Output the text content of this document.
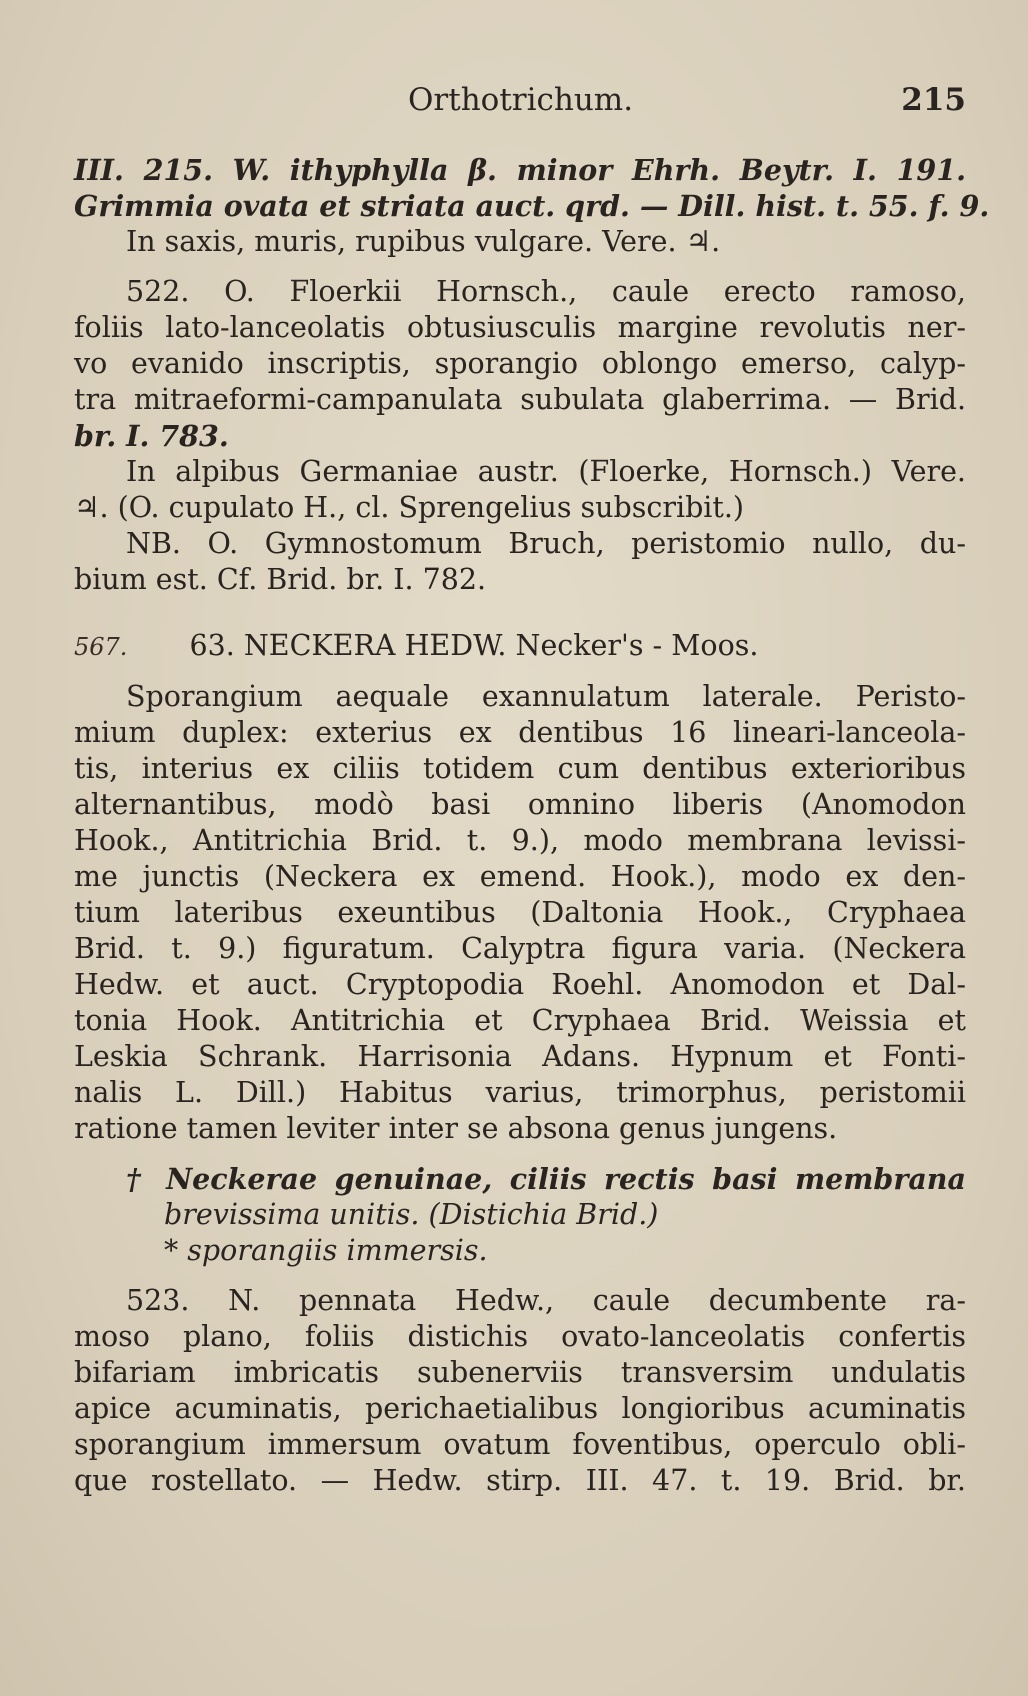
Orthotrichum.	215
III. 215. W. ithyphylla β. minor Ehrh. Beytr. I. 191.
Grimmia ovata et striata auct. qrd. — Dill. hist. t. 55. f. 9.
In saxis, muris, rupibus vulgare. Vere. ♃.
522. O. Floerkii Hornsch., caule erecto ramoso,
foliis lato-lanceolatis obtusiusculis margine revolutis ner-
vo evanido inscriptis, sporangio oblongo emerso, calyp-
tra mitraeformi-campanulata subulata glaberrima. — Brid.
br. I. 783.
In alpibus Germaniae austr. (Floerke, Hornsch.) Vere.
♃. (O. cupulato H., cl. Sprengelius subscribit.)
NB. O. Gymnostomum Bruch, peristomio nullo, du-
bium est. Cf. Brid. br. I. 782.
567. 63. NECKERA HEDW. Necker's - Moos.
Sporangium aequale exannulatum laterale. Peristo-
mium duplex: exterius ex dentibus 16 lineari-lanceola-
tis, interius ex ciliis totidem cum dentibus exterioribus
alternantibus, modò basi omnino liberis (Anomodon
Hook., Antitrichia Brid. t. 9.), modo membrana levissi-
me junctis (Neckera ex emend. Hook.), modo ex den-
tium lateribus exeuntibus (Daltonia Hook., Cryphaea
Brid. t. 9.) figuratum. Calyptra figura varia. (Neckera
Hedw. et auct. Cryptopodia Roehl. Anomodon et Dal-
tonia Hook. Antitrichia et Cryphaea Brid. Weissia et
Leskia Schrank. Harrisonia Adans. Hypnum et Fonti-
nalis L. Dill.) Habitus varius, trimorphus, peristomii
ratione tamen leviter inter se absona genus jungens.
† Neckerae genuinae, ciliis rectis basi membrana
brevissima unitis. (Distichia Brid.)
* sporangiis immersis.
523. N. pennata Hedw., caule decumbente ra-
moso plano, foliis distichis ovato-lanceolatis confertis
bifariam imbricatis subenerviis transversim undulatis
apice acuminatis, perichaetialibus longioribus acuminatis
sporangium immersum ovatum foventibus, operculo obli-
que rostellato. — Hedw. stirp. III. 47. t. 19. Brid. br.
